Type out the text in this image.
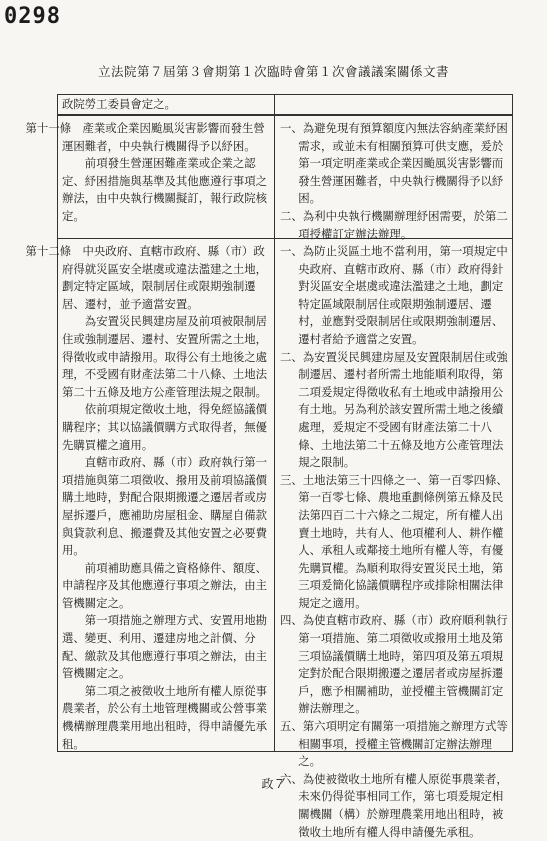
0298
立法院第７屆第３會期第１次臨時會第１次會議議案關係文書

政院勞工委員會定之。

第十一條　產業或企業因颱風災害影響而發生營運困難者，中央執行機關得予以紓困。

前項發生營運困難產業或企業之認定、紓困措施與基準及其他應遵行事項之辦法，由中央執行機關擬訂，報行政院核定。

一、為避免現有預算額度內無法容納產業紓困需求，或並未有相關預算可供支應，爰於第一項定明產業或企業因颱風災害影響而發生營運困難者，中央執行機關得予以紓困。

二、為利中央執行機關辦理紓困需要，於第二項授權訂定辦法辦理。

第十二條　中央政府、直轄市政府、縣（市）政府得就災區安全堪虞或違法濫建之土地，劃定特定區域，限制居住或限期強制遷居、遷村，並予適當安置。

為安置災民興建房屋及前項被限制居住或強制遷居、遷村、安置所需之土地，得徵收或申請撥用。取得公有土地後之處理，不受國有財產法第二十八條、土地法第二十五條及地方公產管理法規之限制。

依前項規定徵收土地，得免經協議價購程序；其以協議價購方式取得者，無優先購買權之適用。

直轄市政府、縣（市）政府執行第一項措施與第二項徵收、撥用及前項協議價購土地時，對配合限期搬遷之遷居者或房屋拆遷戶，應補助房屋租金、購屋自備款與貸款利息、搬遷費及其他安置之必要費用。

前項補助應具備之資格條件、額度、申請程序及其他應遵行事項之辦法，由主管機關定之。

第一項措施之辦理方式、安置用地勘選、變更、利用、遷建房地之計價、分配、繳款及其他應遵行事項之辦法，由主管機關定之。

第二項之被徵收土地所有權人原從事農業者，於公有土地管理機關或公營事業機構辦理農業用地出租時，得申請優先承租。

一、為防止災區土地不當利用，第一項規定中央政府、直轄市政府、縣（市）政府得針對災區安全堪虞或違法濫建之土地，劃定特定區域限制居住或限期強制遷居、遷村，並應對受限制居住或限期強制遷居、遷村者給予適當之安置。

二、為安置災民興建房屋及安置限制居住或強制遷居、遷村者所需土地能順利取得，第二項爰規定得徵收私有土地或申請撥用公有土地。另為利於該安置所需土地之後續處理，爰規定不受國有財產法第二十八條、土地法第二十五條及地方公產管理法規之限制。

三、土地法第三十四條之一、第一百零四條、第一百零七條、農地重劃條例第五條及民法第四百二十六條之二規定，所有權人出賣土地時，共有人、他項權利人、耕作權人、承租人或鄰接土地所有權人等，有優先購買權。為順利取得安置災民土地，第三項爰簡化協議價購程序或排除相關法律規定之適用。

四、為使直轄市政府、縣（市）政府順利執行第一項措施、第二項徵收或撥用土地及第三項協議價購土地時，第四項及第五項規定對於配合限期搬遷之遷居者或房屋拆遷戶，應予相關補助，並授權主管機關訂定辦法辦理之。

五、第六項明定有關第一項措施之辦理方式等相關事項，授權主管機關訂定辦法辦理之。

六、為使被徵收土地所有權人原從事農業者，未來仍得從事相同工作，第七項爰規定相關機關（構）於辦理農業用地出租時，被徵收土地所有權人得申請優先承租。

政７
